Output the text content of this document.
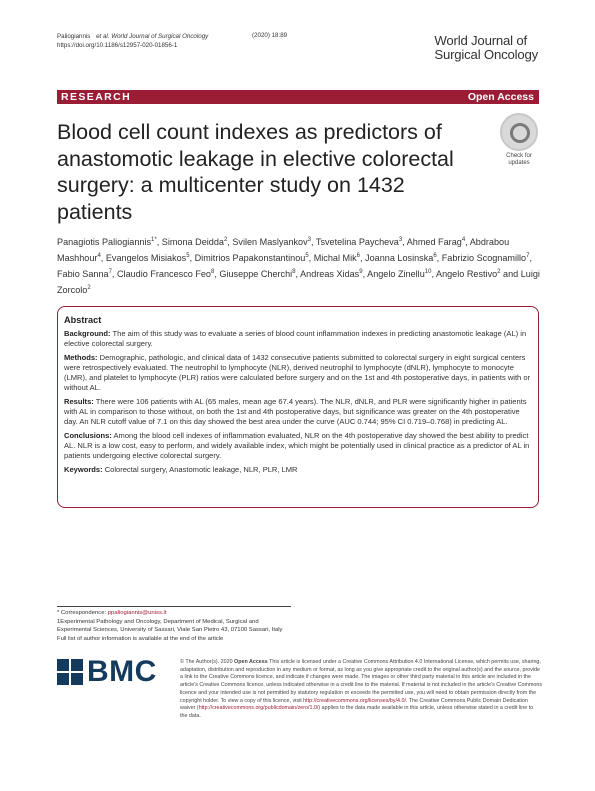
Paliogiannis et al. World Journal of Surgical Oncology
https://doi.org/10.1186/s12957-020-01856-1
(2020) 18:89	World Journal of
Surgical Oncology
RESEARCH	Open Access
Blood cell count indexes as predictors of anastomotic leakage in elective colorectal surgery: a multicenter study on 1432 patients
Check for
updates
Panagiotis Paliogiannis$^{1*}$, Simona Deidda$^2$, Svilen Maslyankov$^3$, Tsvetelina Paycheva$^3$, Ahmed Farag$^4$, Abdrabou Mashhour$^4$, Evangelos Misiakos$^5$, Dimitrios Papakonstantinou$^5$, Michal Mik$^6$, Joanna Losinska$^6$, Fabrizio Scognamillo$^7$, Fabio Sanna$^7$, Claudio Francesco Feo$^8$, Giuseppe Cherchi$^8$, Andreas Xidas$^9$, Angelo Zinellu$^{10}$, Angelo Restivo$^2$ and Luigi Zorcolo$^2$
Abstract

Background: The aim of this study was to evaluate a series of blood count inflammation indexes in predicting anastomotic leakage (AL) in elective colorectal surgery.

Methods: Demographic, pathologic, and clinical data of 1432 consecutive patients submitted to colorectal surgery in eight surgical centers were retrospectively evaluated. The neutrophil to lymphocyte (NLR), derived neutrophil to lymphocyte (dNLR), lymphocyte to monocyte (LMR), and platelet to lymphocyte (PLR) ratios were calculated before surgery and on the 1st and 4th postoperative days, in patients with or without AL.

Results: There were 106 patients with AL (65 males, mean age 67.4 years). The NLR, dNLR, and PLR were significantly higher in patients with AL in comparison to those without, on both the 1st and 4th postoperative days, but significance was greater on the 4th postoperative day. An NLR cutoff value of 7.1 on this day showed the best area under the curve (AUC 0.744; 95% CI 0.719–0.768) in predicting AL.

Conclusions: Among the blood cell indexes of inflammation evaluated, NLR on the 4th postoperative day showed the best ability to predict AL. NLR is a low cost, easy to perform, and widely available index, which might be potentially used in clinical practice as a predictor of AL in patients undergoing elective colorectal surgery.

Keywords: Colorectal surgery, Anastomotic leakage, NLR, PLR, LMR

* Correspondence: ppaliogiannis@uniss.it
1Experimental Pathology and Oncology, Department of Medical, Surgical and Experimental Sciences, University of Sassari, Viale San Pietro 43, 07100 Sassari, Italy
Full list of author information is available at the end of the article
BMC	© The Author(s). 2020 Open Access This article is licensed under a Creative Commons Attribution 4.0 International License, which permits use, sharing, adaptation, distribution and reproduction in any medium or format, as long as you give appropriate credit to the original author(s) and the source, provide a link to the Creative Commons licence, and indicate if changes were made. The images or other third party material in this article are included in the article's Creative Commons licence, unless indicated otherwise in a credit line to the material. If material is not included in the article's Creative Commons licence and your intended use is not permitted by statutory regulation or exceeds the permitted use, you will need to obtain permission directly from the copyright holder. To view a copy of this licence, visit http://creativecommons.org/licenses/by/4.0/. The Creative Commons Public Domain Dedication waiver (http://creativecommons.org/publicdomain/zero/1.0/) applies to the data made available in this article, unless otherwise stated in a credit line to the data.
